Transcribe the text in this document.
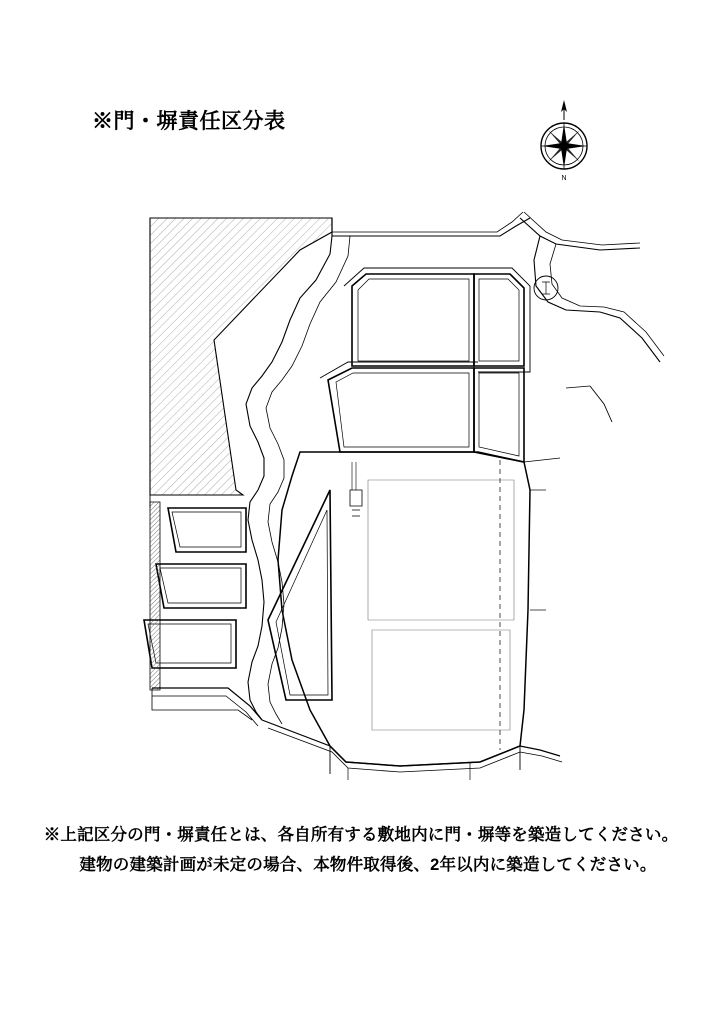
※門・塀責任区分表
N
※上記区分の門・塀責任とは、各自所有する敷地内に門・塀等を築造してください。
建物の建築計画が未定の場合、本物件取得後、2年以内に築造してください。
